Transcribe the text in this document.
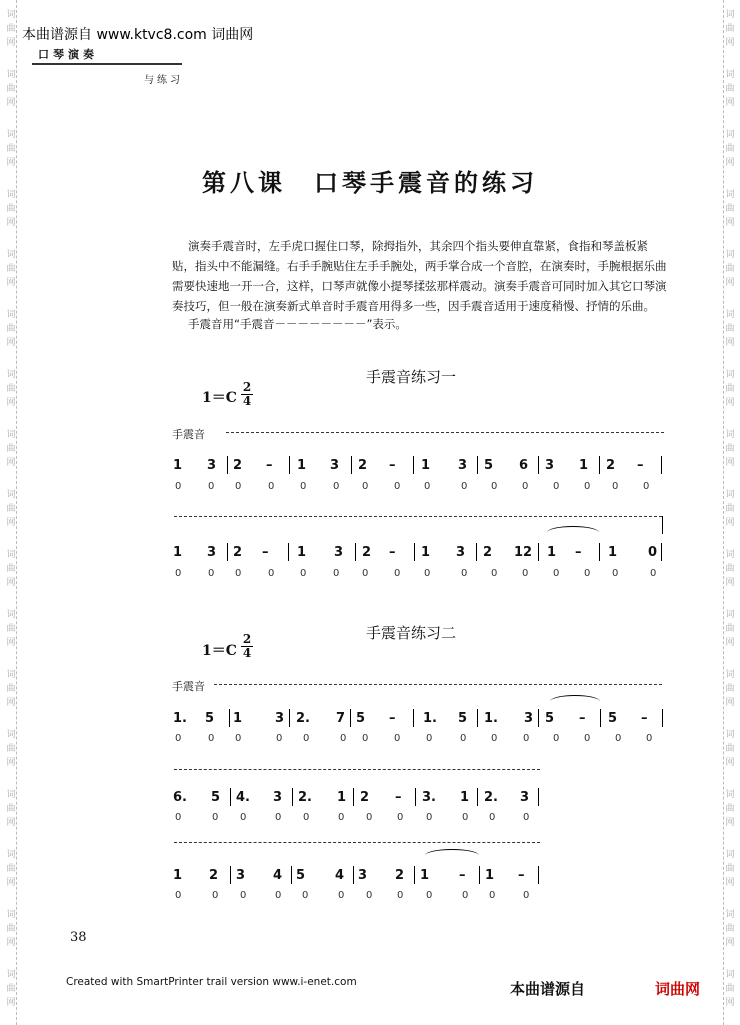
词
曲
网
词
曲
网
词
曲
网
词
曲
网
词
曲
网
词
曲
网
词
曲
网
词
曲
网
词
曲
网
词
曲
网
词
曲
网
词
曲
网
词
曲
网
词
曲
网
词
曲
网
词
曲
网
词
曲
网
词
曲
网
词
曲
网
词
曲
网
词
曲
网
词
曲
网
词
曲
网
词
曲
网
词
曲
网
词
曲
网
词
曲
网
词
曲
网
词
曲
网
词
曲
网
词
曲
网
词
曲
网
词
曲
网
词
曲
网
本曲谱源自 www.ktvc8.com 词曲网
口琴演奏
与练习
第八课　口琴手震音的练习
演奏手震音时，左手虎口握住口琴，除拇指外，其余四个指头要伸直靠紧，食指和琴盖板紧贴，指头中不能漏缝。右手手腕贴住左手手腕处，两手掌合成一个音腔，在演奏时，手腕根据乐曲需要快速地一开一合，这样，口琴声就像小提琴揉弦那样震动。演奏手震音可同时加入其它口琴演奏技巧，但一般在演奏新式单音时手震音用得多一些，因手震音适用于速度稍慢、抒情的乐曲。
手震音用“手震音－－－－－－－－”表示。
手震音练习一
1＝C
2
4
手震音
手震音练习二
1＝C
2
4
手震音
1 3 2 – 1 3 2 – 1 3 5 6 3 1 2 –
0	0 0	0	0	0 0	0 0	0 0 0 0 0 0 0
1 3 2 – 1 3 2 – 1 3 2 12 1 – 1 0
0	0 0	0	0	0 0	0 0	0 0 0 0 0 0	0
1. 5 1	3 2. 7 5 – 1. 5 1. 3 5 – 5 –
0	0 0	0 0	0 0	0	0	0 0	0 0 0 0 0
6. 5 4. 3 2. 1 2 – 3. 1 2. 3
0	0 0	0 0	0 0 0 0	0 0	0
1 2 3 4 5 4 3 2 1 – 1 –
0	0 0	0 0	0 0 0 0	0 0	0
38
Created with SmartPrinter trail version www.i-enet.com	本曲谱源自	词曲网
